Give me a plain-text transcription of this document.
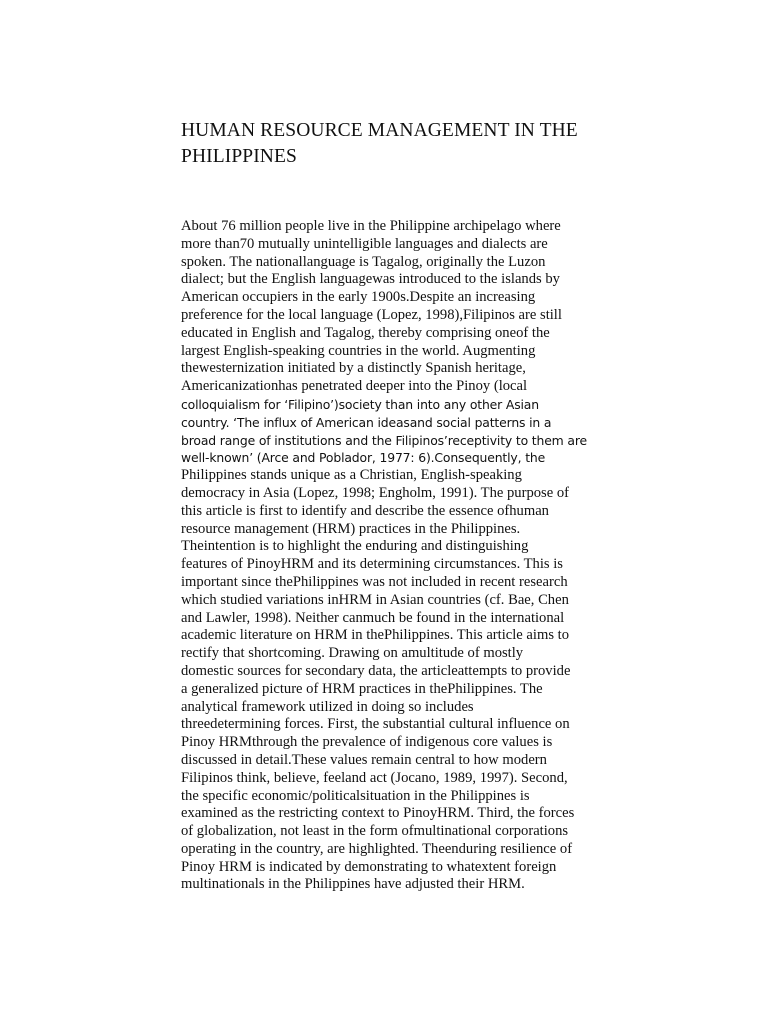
HUMAN RESOURCE MANAGEMENT IN THE
PHILIPPINES
About 76 million people live in the Philippine archipelago where
more than70 mutually unintelligible languages and dialects are
spoken. The nationallanguage is Tagalog, originally the Luzon
dialect; but the English languagewas introduced to the islands by
American occupiers in the early 1900s.Despite an increasing
preference for the local language (Lopez, 1998),Filipinos are still
educated in English and Tagalog, thereby comprising oneof the
largest English-speaking countries in the world. Augmenting
thewesternization initiated by a distinctly Spanish heritage,
Americanizationhas penetrated deeper into the Pinoy (local
colloquialism for ‘Filipino’)society than into any other Asian
country. ‘The influx of American ideasand social patterns in a
broad range of institutions and the Filipinos’receptivity to them are
well-known’ (Arce and Poblador, 1977: 6).Consequently, the
Philippines stands unique as a Christian, English-speaking
democracy in Asia (Lopez, 1998; Engholm, 1991). The purpose of
this article is first to identify and describe the essence ofhuman
resource management (HRM) practices in the Philippines.
Theintention is to highlight the enduring and distinguishing
features of PinoyHRM and its determining circumstances. This is
important since thePhilippines was not included in recent research
which studied variations inHRM in Asian countries (cf. Bae, Chen
and Lawler, 1998). Neither canmuch be found in the international
academic literature on HRM in thePhilippines. This article aims to
rectify that shortcoming. Drawing on amultitude of mostly
domestic sources for secondary data, the articleattempts to provide
a generalized picture of HRM practices in thePhilippines. The
analytical framework utilized in doing so includes
threedetermining forces. First, the substantial cultural influence on
Pinoy HRMthrough the prevalence of indigenous core values is
discussed in detail.These values remain central to how modern
Filipinos think, believe, feeland act (Jocano, 1989, 1997). Second,
the specific economic/politicalsituation in the Philippines is
examined as the restricting context to PinoyHRM. Third, the forces
of globalization, not least in the form ofmultinational corporations
operating in the country, are highlighted. Theenduring resilience of
Pinoy HRM is indicated by demonstrating to whatextent foreign
multinationals in the Philippines have adjusted their HRM.
